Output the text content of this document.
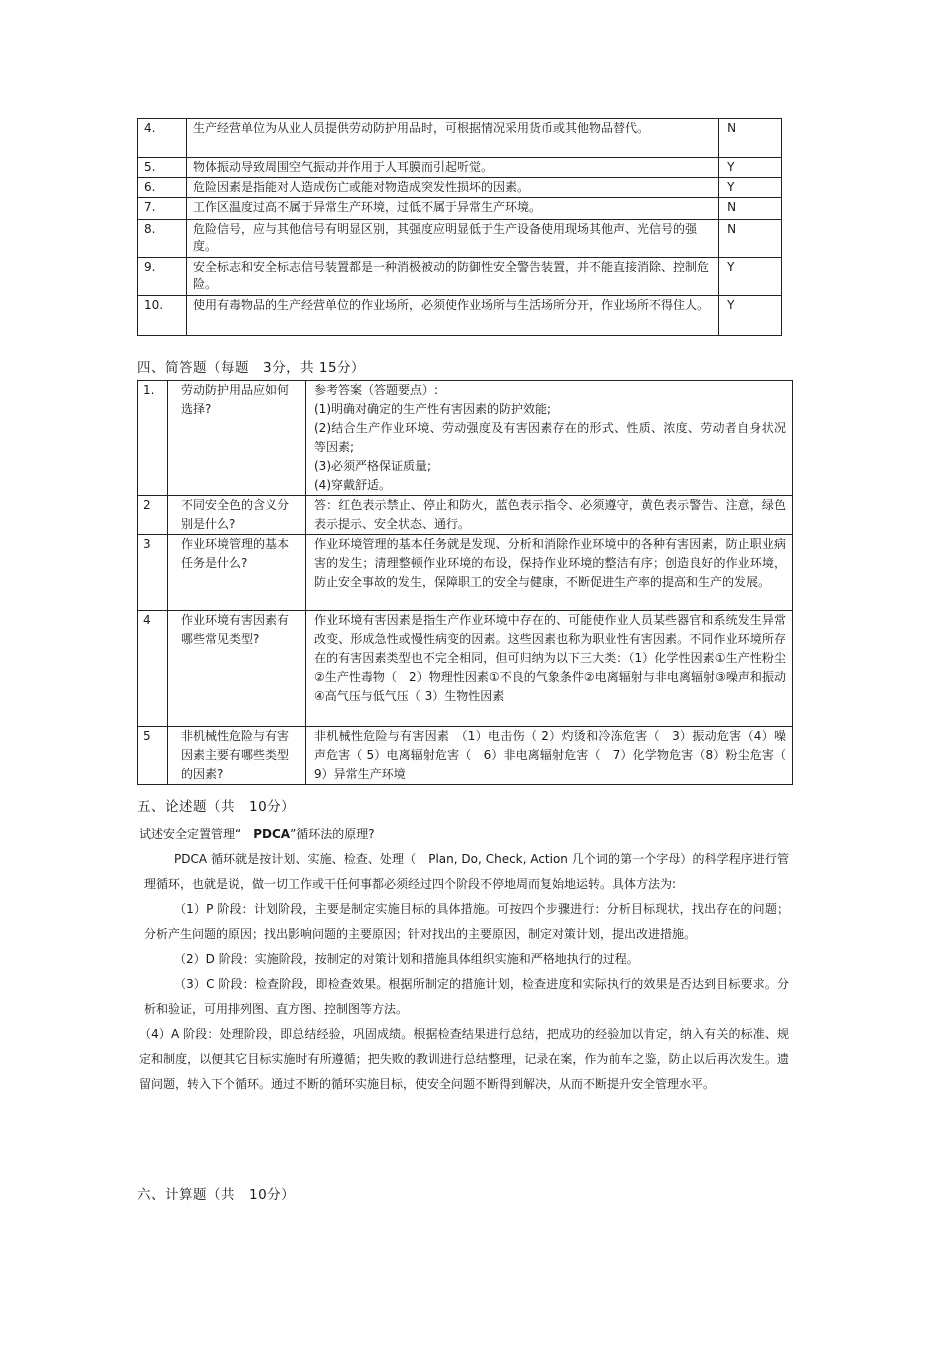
4.	生产经营单位为从业人员提供劳动防护用品时，可根据情况采用货币或其他物品替代。	N
5.	物体振动导致周围空气振动并作用于人耳膜而引起听觉。	Y
6.	危险因素是指能对人造成伤亡或能对物造成突发性损坏的因素。	Y
7.	工作区温度过高不属于异常生产环境，过低不属于异常生产环境。	N
8.	危险信号，应与其他信号有明显区别，其强度应明显低于生产设备使用现场其他声、光信号的强度。	N
9.	安全标志和安全标志信号装置都是一种消极被动的防御性安全警告装置，并不能直接消除、控制危险。	Y
10.	使用有毒物品的生产经营单位的作业场所，必须使作业场所与生活场所分开，作业场所不得住人。	Y
四、简答题（每题　3分，共 15分）
1.	劳动防护用品应如何选择?	参考答案（答题要点）:

(1)明确对确定的生产性有害因素的防护效能;

(2)结合生产作业环境、劳动强度及有害因素存在的形式、性质、浓度、劳动者自身状况等因素;

(3)必须严格保证质量;

(4)穿戴舒适。

2	不同安全色的含义分别是什么?	答：红色表示禁止、停止和防火，蓝色表示指令、必须遵守，黄色表示警告、注意，绿色表示提示、安全状态、通行。
3	作业环境管理的基本任务是什么?	作业环境管理的基本任务就是发现、分析和消除作业环境中的各种有害因素，防止职业病害的发生；清理整顿作业环境的布设，保持作业环境的整洁有序；创造良好的作业环境，防止安全事故的发生，保障职工的安全与健康，不断促进生产率的提高和生产的发展。
4	作业环境有害因素有哪些常见类型?	作业环境有害因素是指生产作业环境中存在的、可能使作业人员某些器官和系统发生异常改变、形成急性或慢性病变的因素。这些因素也称为职业性有害因素。不同作业环境所存在的有害因素类型也不完全相同，但可归纳为以下三大类：（1）化学性因素①生产性粉尘②生产性毒物（　2）物理性因素①不良的气象条件②电离辐射与非电离辐射③噪声和振动④高气压与低气压（ 3）生物性因素
5	非机械性危险与有害因素主要有哪些类型的因素?	非机械性危险与有害因素　（1）电击伤（ 2）灼烫和冷冻危害（　3）振动危害（4）噪声危害（ 5）电离辐射危害（　6）非电离辐射危害（　7）化学物危害（8）粉尘危害（ 9）异常生产环境
五、论述题（共　10分）

试述安全定置管理“　 PDCA”循环法的原理?

PDCA 循环就是按计划、实施、检查、处理（　Plan, Do, Check, Action 几个词的第一个字母）的科学程序进行管理循环，也就是说，做一切工作或干任何事都必须经过四个阶段不停地周而复始地运转。具体方法为:

（1）P 阶段：计划阶段，主要是制定实施目标的具体措施。可按四个步骤进行：分析目标现状，找出存在的问题；分析产生问题的原因；找出影响问题的主要原因；针对找出的主要原因，制定对策计划，提出改进措施。

（2）D 阶段：实施阶段，按制定的对策计划和措施具体组织实施和严格地执行的过程。

（3）C 阶段：检查阶段，即检查效果。根据所制定的措施计划，检查进度和实际执行的效果是否达到目标要求。分析和验证，可用排列图、直方图、控制图等方法。

（4）A 阶段：处理阶段，即总结经验，巩固成绩。根据检查结果进行总结，把成功的经验加以肯定，纳入有关的标准、规定和制度，以便其它目标实施时有所遵循；把失败的教训进行总结整理，记录在案，作为前车之鉴，防止以后再次发生。遗留问题，转入下个循环。通过不断的循环实施目标，使安全问题不断得到解决，从而不断提升安全管理水平。

六、计算题（共　10分）
